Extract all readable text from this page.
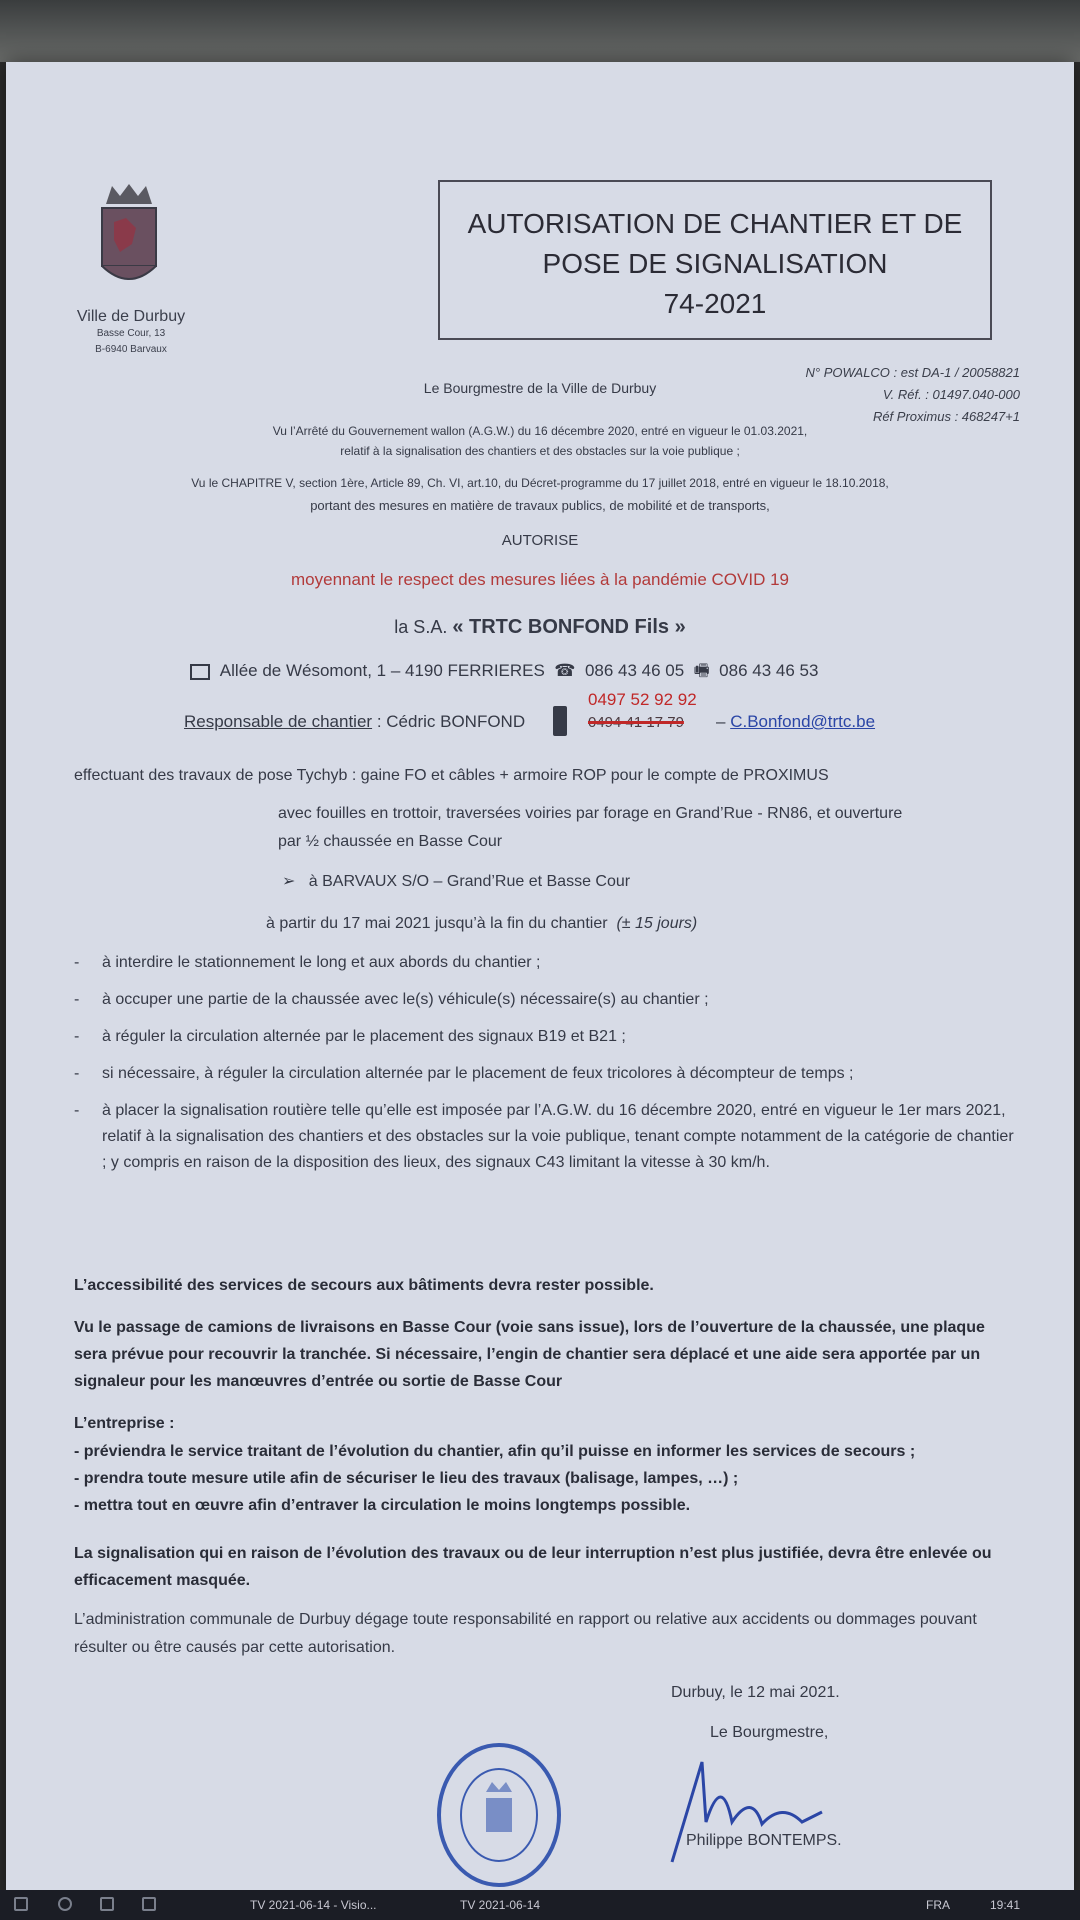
Ville de Durbuy
Basse Cour, 13
B-6940 Barvaux
AUTORISATION DE CHANTIER ET DE
POSE DE SIGNALISATION
74-2021
N° POWALCO : est DA-1 / 20058821
V. Réf. : 01497.040-000
Réf Proximus : 468247+1
Le Bourgmestre de la Ville de Durbuy
Vu l’Arrêté du Gouvernement wallon (A.G.W.) du 16 décembre 2020, entré en vigueur le 01.03.2021,
relatif à la signalisation des chantiers et des obstacles sur la voie publique ;
Vu le CHAPITRE V, section 1ère, Article 89, Ch. VI, art.10, du Décret-programme du 17 juillet 2018, entré en vigueur le 18.10.2018,
portant des mesures en matière de travaux publics, de mobilité et de transports,
AUTORISE
moyennant le respect des mesures liées à la pandémie COVID 19
la S.A. « TRTC BONFOND Fils »
Allée de Wésomont, 1 – 4190 FERRIERES  ☎  086 43 46 05  🖷  086 43 46 53
0497 52 92 92
Responsable de chantier : Cédric BONFOND	0494 41 17 79 – C.Bonfond@trtc.be
effectuant des travaux de pose Tychyb : gaine FO et câbles + armoire ROP pour le compte de PROXIMUS
avec fouilles en trottoir, traversées voiries par forage en Grand’Rue - RN86, et ouverture
par ½ chaussée en Basse Cour
➢   à BARVAUX S/O – Grand’Rue et Basse Cour
à partir du 17 mai 2021 jusqu’à la fin du chantier (± 15 jours)
- à interdire le stationnement le long et aux abords du chantier ;
- à occuper une partie de la chaussée avec le(s) véhicule(s) nécessaire(s) au chantier ;
- à réguler la circulation alternée par le placement des signaux B19 et B21 ;
- si nécessaire, à réguler la circulation alternée par le placement de feux tricolores à décompteur de temps ;
- à placer la signalisation routière telle qu’elle est imposée par l’A.G.W. du 16 décembre 2020, entré en vigueur le 1er mars 2021, relatif à la signalisation des chantiers et des obstacles sur la voie publique, tenant compte notamment de la catégorie de chantier ; y compris en raison de la disposition des lieux, des signaux C43 limitant la vitesse à 30 km/h.
L’accessibilité des services de secours aux bâtiments devra rester possible.
Vu le passage de camions de livraisons en Basse Cour (voie sans issue), lors de l’ouverture de la chaussée, une plaque sera prévue pour recouvrir la tranchée. Si nécessaire, l’engin de chantier sera déplacé et une aide sera apportée par un signaleur pour les manœuvres d’entrée ou sortie de Basse Cour
L’entreprise :
- préviendra le service traitant de l’évolution du chantier, afin qu’il puisse en informer les services de secours ;
- prendra toute mesure utile afin de sécuriser le lieu des travaux (balisage, lampes, …) ;
- mettra tout en œuvre afin d’entraver la circulation le moins longtemps possible.
La signalisation qui en raison de l’évolution des travaux ou de leur interruption n’est plus justifiée, devra être enlevée ou efficacement masquée.
L’administration communale de Durbuy dégage toute responsabilité en rapport ou relative aux accidents ou dommages pouvant résulter ou être causés par cette autorisation.
Durbuy, le 12 mai 2021.
Le Bourgmestre,
Philippe BONTEMPS.
TV 2021-06-14 - Visio...	TV 2021-06-14	FRA	19:41
